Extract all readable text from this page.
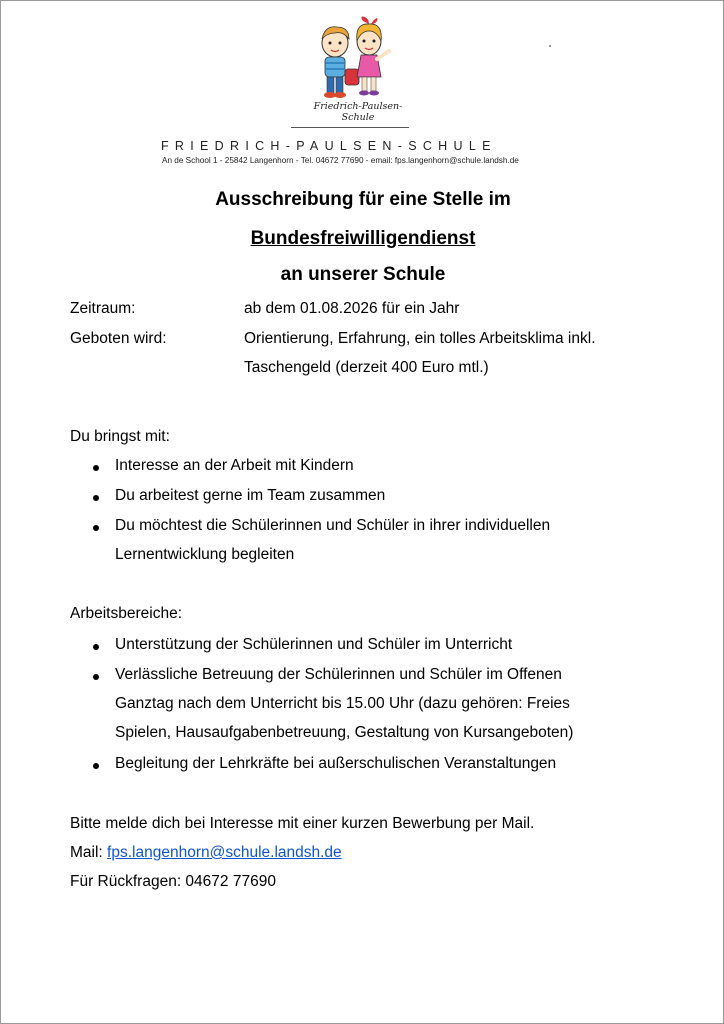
Friedrich-Paulsen-Schule
FRIEDRICH-PAULSEN-SCHULE
An de School 1 - 25842 Langenhorn - Tel. 04672 77690 - email: fps.langenhorn@schule.landsh.de
Ausschreibung für eine Stelle im
Bundesfreiwilligendienst
an unserer Schule
Zeitraum:	ab dem 01.08.2026 für ein Jahr
Geboten wird:	Orientierung, Erfahrung, ein tolles Arbeitsklima inkl.
Taschengeld (derzeit 400 Euro mtl.)
Du bringst mit:
Interesse an der Arbeit mit Kindern
Du arbeitest gerne im Team zusammen
Du möchtest die Schülerinnen und Schüler in ihrer individuellen
Lernentwicklung begleiten
Arbeitsbereiche:
Unterstützung der Schülerinnen und Schüler im Unterricht
Verlässliche Betreuung der Schülerinnen und Schüler im Offenen
Ganztag nach dem Unterricht bis 15.00 Uhr (dazu gehören: Freies
Spielen, Hausaufgabenbetreuung, Gestaltung von Kursangeboten)
Begleitung der Lehrkräfte bei außerschulischen Veranstaltungen
Bitte melde dich bei Interesse mit einer kurzen Bewerbung per Mail.
Mail: fps.langenhorn@schule.landsh.de
Für Rückfragen: 04672 77690
